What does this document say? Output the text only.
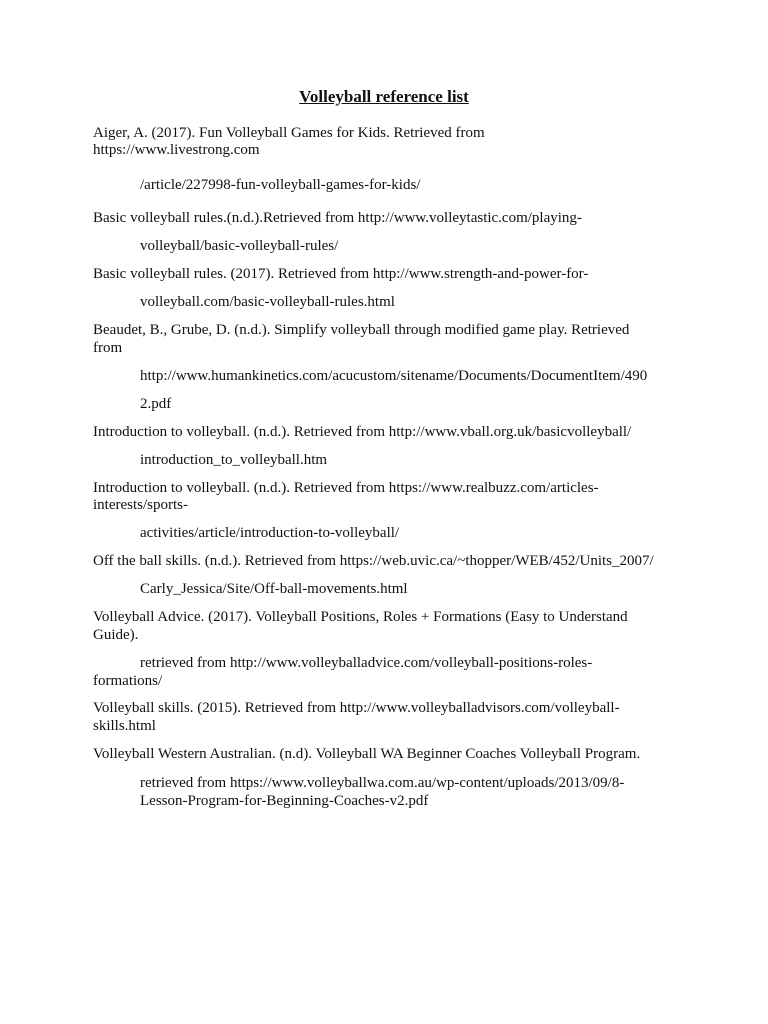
Volleyball reference list
Aiger, A. (2017). Fun Volleyball Games for Kids. Retrieved from
https://www.livestrong.com
/article/227998-fun-volleyball-games-for-kids/
Basic volleyball rules.(n.d.).Retrieved from http://www.volleytastic.com/playing-
volleyball/basic-volleyball-rules/
Basic volleyball rules. (2017). Retrieved from http://www.strength-and-power-for-
volleyball.com/basic-volleyball-rules.html
Beaudet, B., Grube, D. (n.d.). Simplify volleyball through modified game play. Retrieved
from
http://www.humankinetics.com/acucustom/sitename/Documents/DocumentItem/490
2.pdf
Introduction to volleyball. (n.d.). Retrieved from http://www.vball.org.uk/basicvolleyball/
introduction_to_volleyball.htm
Introduction to volleyball. (n.d.). Retrieved from https://www.realbuzz.com/articles-
interests/sports-
activities/article/introduction-to-volleyball/
Off the ball skills. (n.d.). Retrieved from https://web.uvic.ca/~thopper/WEB/452/Units_2007/
Carly_Jessica/Site/Off-ball-movements.html
Volleyball Advice. (2017). Volleyball Positions, Roles + Formations (Easy to Understand
Guide).
retrieved from http://www.volleyballadvice.com/volleyball-positions-roles-
formations/
Volleyball skills. (2015). Retrieved from http://www.volleyballadvisors.com/volleyball-
skills.html
Volleyball Western Australian. (n.d). Volleyball WA Beginner Coaches Volleyball Program.
retrieved from https://www.volleyballwa.com.au/wp-content/uploads/2013/09/8-
Lesson-Program-for-Beginning-Coaches-v2.pdf
